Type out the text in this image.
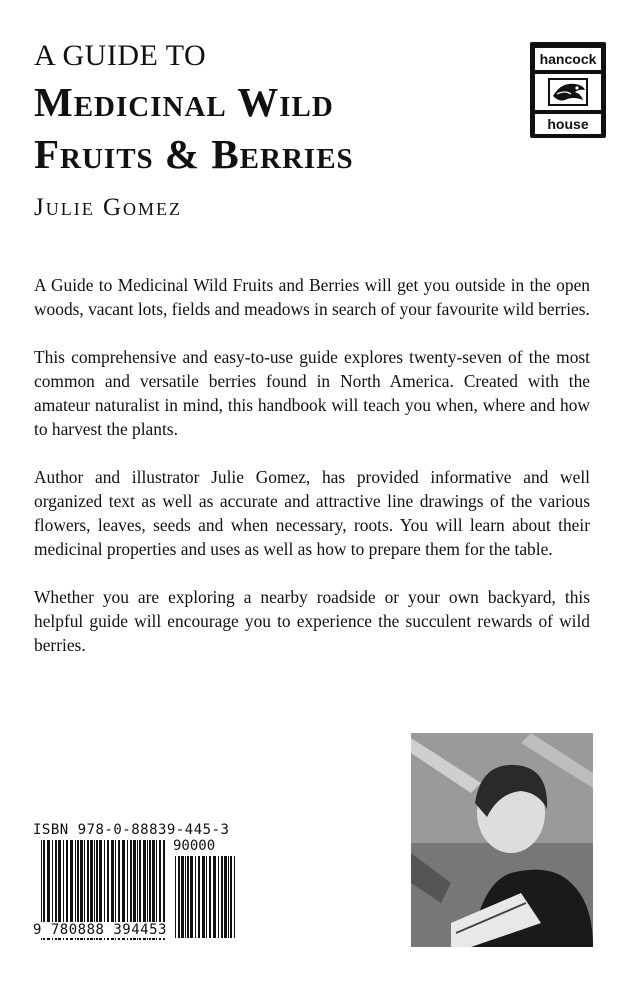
A GUIDE TO
Medicinal Wild
Fruits & Berries
Julie Gomez
hancock
house

A Guide to Medicinal Wild Fruits and Berries will get you outside in the open woods, vacant lots, fields and meadows in search of your favourite wild berries.

This comprehensive and easy-to-use guide explores twenty-seven of the most common and versatile berries found in North America. Created with the amateur naturalist in mind, this handbook will teach you when, where and how to harvest the plants.

Author and illustrator Julie Gomez, has provided informative and well organized text as well as accurate and attractive line drawings of the various flowers, leaves, seeds and when necessary, roots. You will learn about their medicinal properties and uses as well as how to prepare them for the table.

Whether you are exploring a nearby roadside or your own backyard, this helpful guide will encourage you to experience the succulent rewards of wild berries.

ISBN 978-0-88839-445-3
90000
9 780888 394453
